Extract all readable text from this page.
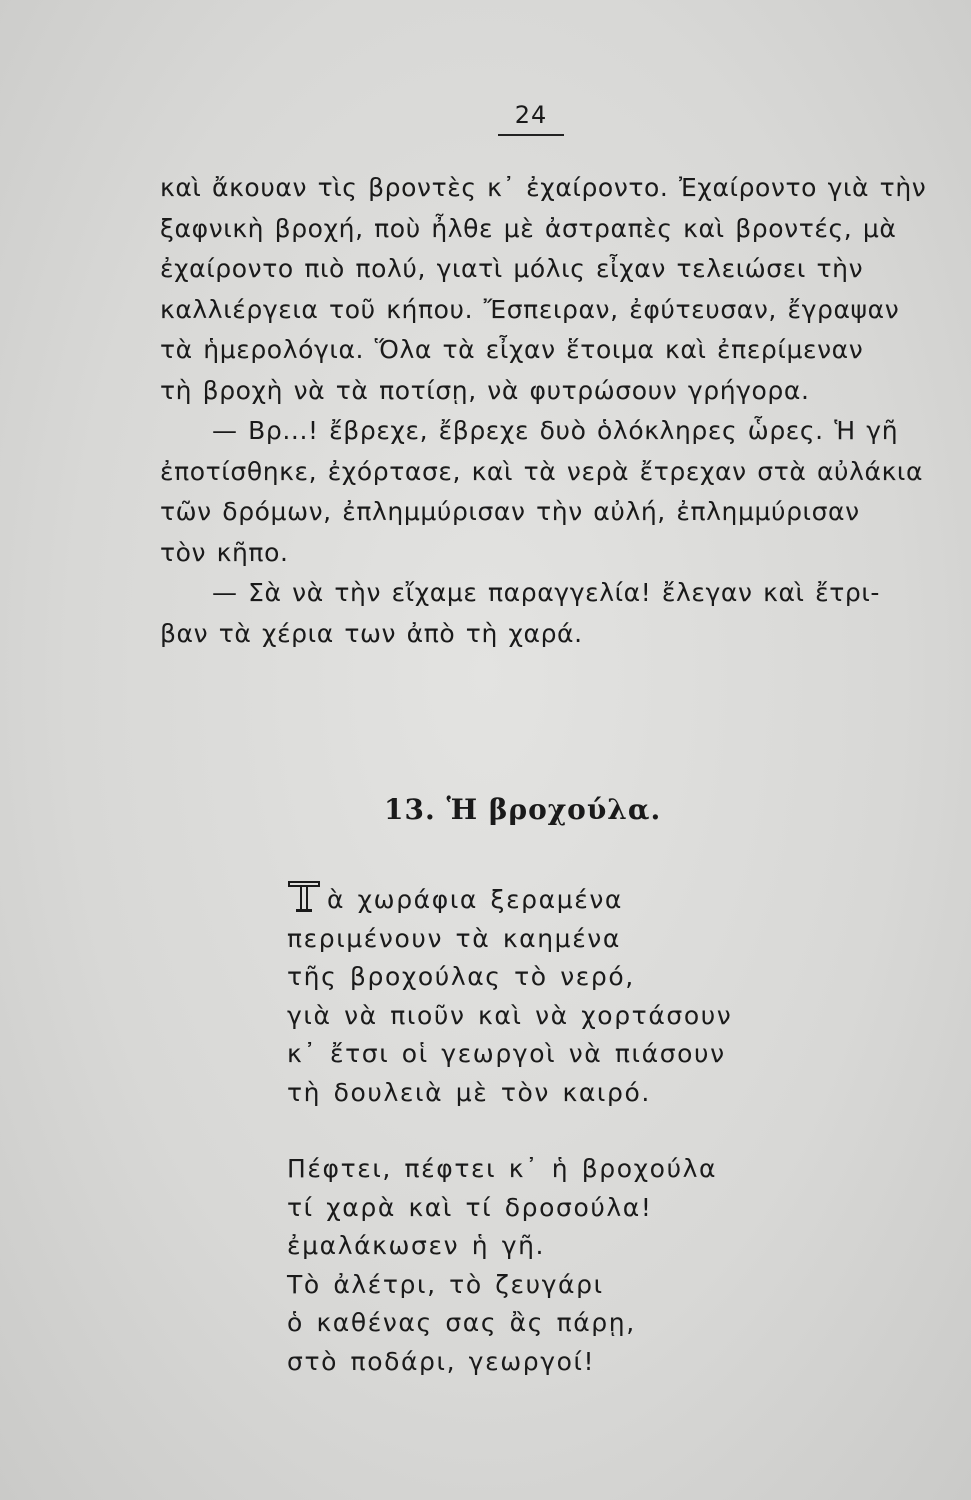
24
καὶ ἄκουαν τὶς βροντὲς κ᾿ ἐχαίροντο. Ἐχαίροντο γιὰ τὴν
ξαφνικὴ βροχή, ποὺ ἦλθε μὲ ἀστραπὲς καὶ βροντές, μὰ
ἐχαίροντο πιὸ πολύ, γιατὶ μόλις εἶχαν τελειώσει τὴν
καλλιέργεια τοῦ κήπου. Ἔσπειραν, ἐφύτευσαν, ἔγραψαν
τὰ ἡμερολόγια. Ὅλα τὰ εἶχαν ἕτοιμα καὶ ἐπερίμεναν
τὴ βροχὴ νὰ τὰ ποτίσῃ, νὰ φυτρώσουν γρήγορα.
— Βρ...! ἔβρεχε, ἔβρεχε δυὸ ὁλόκληρες ὧρες. Ἡ γῆ
ἐποτίσθηκε, ἐχόρτασε, καὶ τὰ νερὰ ἔτρεχαν στὰ αὐλάκια
τῶν δρόμων, ἐπλημμύρισαν τὴν αὐλή, ἐπλημμύρισαν
τὸν κῆπο.
— Σὰ νὰ τὴν εἴχαμε παραγγελία! ἔλεγαν καὶ ἔτρι-
βαν τὰ χέρια των ἀπὸ τὴ χαρά.
13. Ἡ βροχούλα.
ὰ χωράφια ξεραμένα
περιμένουν τὰ καημένα
τῆς βροχούλας τὸ νερό,
γιὰ νὰ πιοῦν καὶ νὰ χορτάσουν
κ᾿ ἔτσι οἱ γεωργοὶ νὰ πιάσουν
τὴ δουλειὰ μὲ τὸν καιρό.
Πέφτει, πέφτει κ᾿ ἡ βροχούλα
τί χαρὰ καὶ τί δροσούλα!
ἐμαλάκωσεν ἡ γῆ.
Τὸ ἀλέτρι, τὸ ζευγάρι
ὁ καθένας σας ἂς πάρῃ,
στὸ ποδάρι, γεωργοί!
